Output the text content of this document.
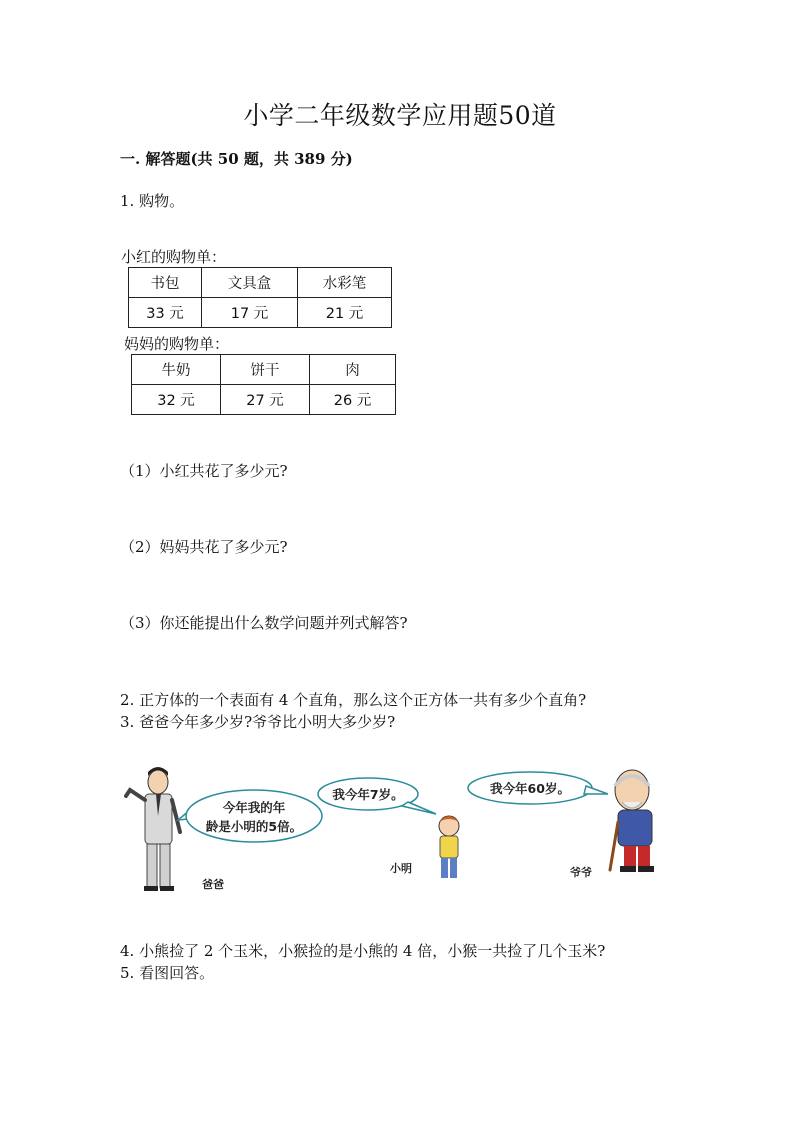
小学二年级数学应用题50道
一. 解答题(共 50 题，共 389 分)
1. 购物。
小红的购物单：
书包	文具盒	水彩笔
33 元	17 元	21 元
妈妈的购物单：
牛奶	饼干	肉
32 元	27 元	26 元
（1）小红共花了多少元?
（2）妈妈共花了多少元?
（3）你还能提出什么数学问题并列式解答?
2. 正方体的一个表面有 4 个直角，那么这个正方体一共有多少个直角?
3. 爸爸今年多少岁?爷爷比小明大多少岁?
今年我的年
龄是小明的5倍。
爸爸
我今年7岁。
小明
我今年60岁。
爷爷
4. 小熊捡了 2 个玉米，小猴捡的是小熊的 4 倍，小猴一共捡了几个玉米?
5. 看图回答。
